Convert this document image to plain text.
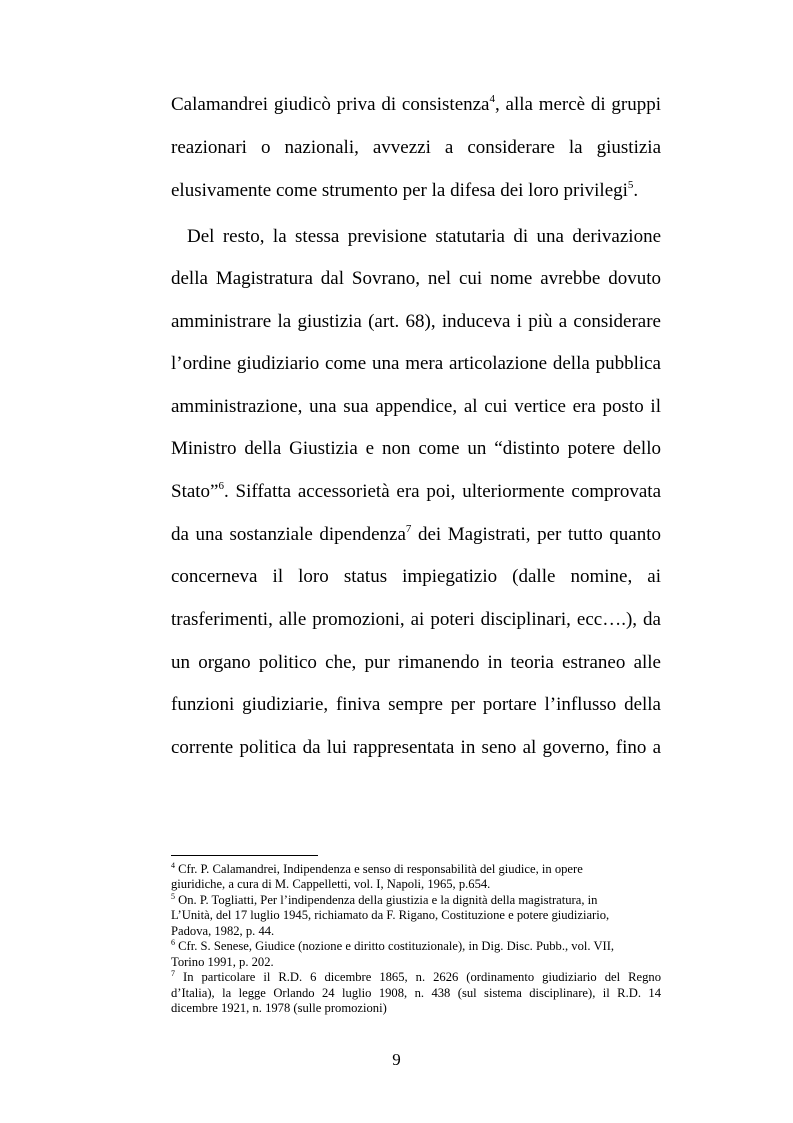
Calamandrei giudicò priva di consistenza$^4$, alla mercè di gruppi
reazionari o nazionali, avvezzi a considerare la giustizia
elusivamente come strumento per la difesa dei loro privilegi$^5$.
Del resto, la stessa previsione statutaria di una derivazione
della Magistratura dal Sovrano, nel cui nome avrebbe dovuto
amministrare la giustizia (art. 68), induceva i più a considerare
l’ordine giudiziario come una mera articolazione della pubblica
amministrazione, una sua appendice, al cui vertice era posto il
Ministro della Giustizia e non come un “distinto potere dello
Stato”$^6$. Siffatta accessorietà era poi, ulteriormente comprovata
da una sostanziale dipendenza$^7$ dei Magistrati, per tutto quanto
concerneva il loro status impiegatizio (dalle nomine, ai
trasferimenti, alle promozioni, ai poteri disciplinari, ecc….), da
un organo politico che, pur rimanendo in teoria estraneo alle
funzioni giudiziarie, finiva sempre per portare l’influsso della
corrente politica da lui rappresentata in seno al governo, fino a
$^4$ Cfr. P. Calamandrei, Indipendenza e senso di responsabilità del giudice, in opere
giuridiche, a cura di M. Cappelletti, vol. I, Napoli, 1965, p.654.
$^5$ On. P. Togliatti, Per l’indipendenza della giustizia e la dignità della magistratura, in
L’Unità, del 17 luglio 1945, richiamato da F. Rigano, Costituzione e potere giudiziario,
Padova, 1982, p. 44.
$^6$ Cfr. S. Senese, Giudice (nozione e diritto costituzionale), in Dig. Disc. Pubb., vol. VII,
Torino 1991, p. 202.
$^7$ In particolare il R.D. 6 dicembre 1865, n. 2626 (ordinamento giudiziario del Regno
d’Italia), la legge Orlando 24 luglio 1908, n. 438 (sul sistema disciplinare), il R.D. 14
dicembre 1921, n. 1978 (sulle promozioni)
9
